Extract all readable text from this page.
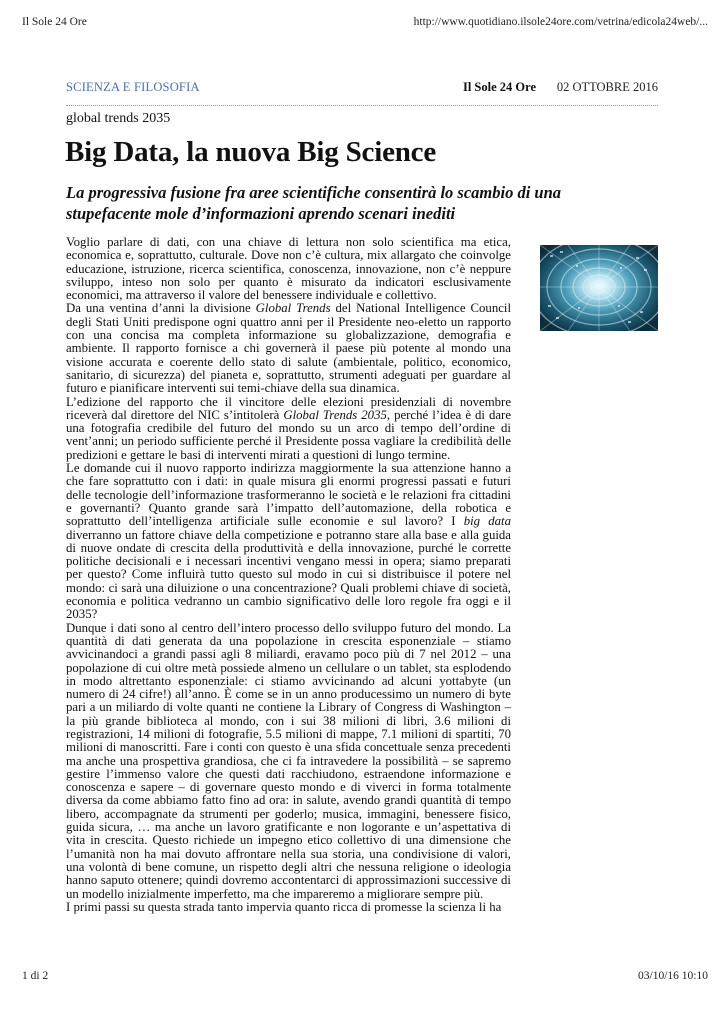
Il Sole 24 Ore	http://www.quotidiano.ilsole24ore.com/vetrina/edicola24web/...
SCIENZA E FILOSOFIA	Il Sole 24 Ore 02 OTTOBRE 2016
global trends 2035
Big Data, la nuova Big Science
La progressiva fusione fra aree scientifiche consentirà lo scambio di una stupefacente mole d’informazioni aprendo scenari inediti

Voglio parlare di dati, con una chiave di lettura non solo scientifica ma etica, economica e, soprattutto, culturale. Dove non c’è cultura, mix allargato che coinvolge educazione, istruzione, ricerca scientifica, conoscenza, innovazione, non c’è neppure sviluppo, inteso non solo per quanto è misurato da indicatori esclusivamente economici, ma attraverso il valore del benessere individuale e collettivo.

Da una ventina d’anni la divisione Global Trends del National Intelligence Council degli Stati Uniti predispone ogni quattro anni per il Presidente neo-eletto un rapporto con una concisa ma completa informazione su globalizzazione, demografia e ambiente. Il rapporto fornisce a chi governerà il paese più potente al mondo una visione accurata e coerente dello stato di salute (ambientale, politico, economico, sanitario, di sicurezza) del pianeta e, soprattutto, strumenti adeguati per guardare al futuro e pianificare interventi sui temi-chiave della sua dinamica.

L’edizione del rapporto che il vincitore delle elezioni presidenziali di novembre riceverà dal direttore del NIC s’intitolerà Global Trends 2035, perché l’idea è di dare una fotografia credibile del futuro del mondo su un arco di tempo dell’ordine di vent’anni; un periodo sufficiente perché il Presidente possa vagliare la credibilità delle predizioni e gettare le basi di interventi mirati a questioni di lungo termine.

Le domande cui il nuovo rapporto indirizza maggiormente la sua attenzione hanno a che fare soprattutto con i dati: in quale misura gli enormi progressi passati e futuri delle tecnologie dell’informazione trasformeranno le società e le relazioni fra cittadini e governanti? Quanto grande sarà l’impatto dell’automazione, della robotica e soprattutto dell’intelligenza artificiale sulle economie e sul lavoro? I big data diverranno un fattore chiave della competizione e potranno stare alla base e alla guida di nuove ondate di crescita della produttività e della innovazione, purché le corrette politiche decisionali e i necessari incentivi vengano messi in opera; siamo preparati per questo? Come influirà tutto questo sul modo in cui si distribuisce il potere nel mondo: ci sarà una diluizione o una concentrazione? Quali problemi chiave di società, economia e politica vedranno un cambio significativo delle loro regole fra oggi e il 2035?

Dunque i dati sono al centro dell’intero processo dello sviluppo futuro del mondo. La quantità di dati generata da una popolazione in crescita esponenziale – stiamo avvicinandoci a grandi passi agli 8 miliardi, eravamo poco più di 7 nel 2012 – una popolazione di cui oltre metà possiede almeno un cellulare o un tablet, sta esplodendo in modo altrettanto esponenziale: ci stiamo avvicinando ad alcuni yottabyte (un numero di 24 cifre!) all’anno. È come se in un anno producessimo un numero di byte pari a un miliardo di volte quanti ne contiene la Library of Congress di Washington – la più grande biblioteca al mondo, con i sui 38 milioni di libri, 3.6 milioni di registrazioni, 14 milioni di fotografie, 5.5 milioni di mappe, 7.1 milioni di spartiti, 70 milioni di manoscritti. Fare i conti con questo è una sfida concettuale senza precedenti ma anche una prospettiva grandiosa, che ci fa intravedere la possibilità – se sapremo gestire l’immenso valore che questi dati racchiudono, estraendone informazione e conoscenza e sapere – di governare questo mondo e di viverci in forma totalmente diversa da come abbiamo fatto fino ad ora: in salute, avendo grandi quantità di tempo libero, accompagnate da strumenti per goderlo; musica, immagini, benessere fisico, guida sicura, … ma anche un lavoro gratificante e non logorante e un’aspettativa di vita in crescita. Questo richiede un impegno etico collettivo di una dimensione che l’umanità non ha mai dovuto affrontare nella sua storia, una condivisione di valori, una volontà di bene comune, un rispetto degli altri che nessuna religione o ideologia hanno saputo ottenere; quindi dovremo accontentarci di approssimazioni successive di un modello inizialmente imperfetto, ma che impareremo a migliorare sempre più.

I primi passi su questa strada tanto impervia quanto ricca di promesse la scienza li ha

1 di 2	03/10/16 10:10
